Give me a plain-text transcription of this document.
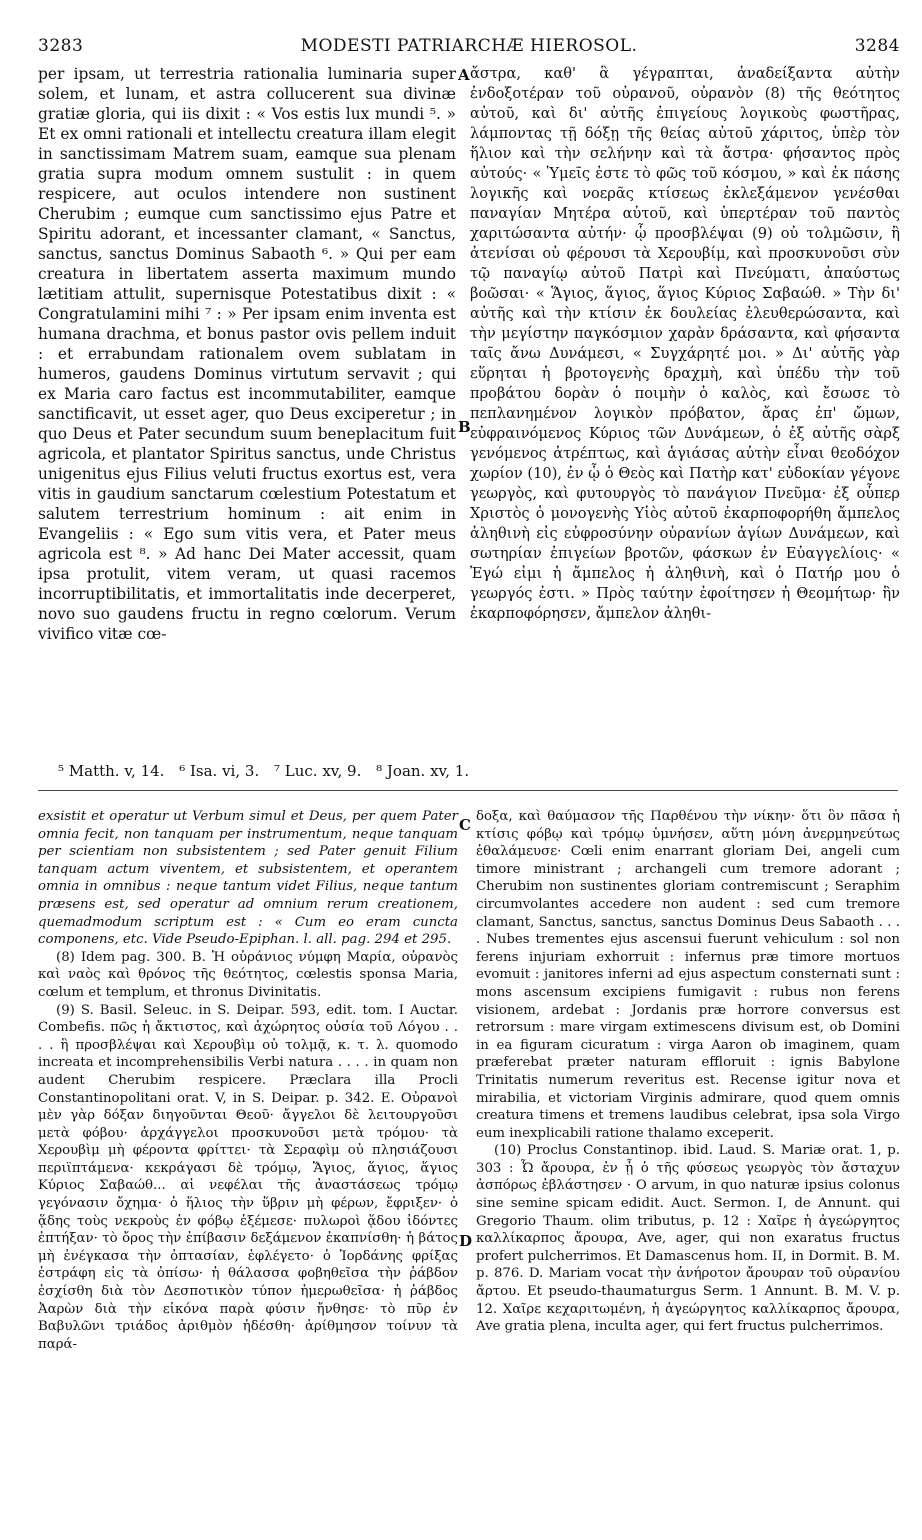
3283	MODESTI PATRIARCHÆ HIEROSOL.	3284

per ipsam, ut terrestria rationalia luminaria super solem, et lunam, et astra collucerent sua divinæ gratiæ gloria, qui iis dixit : « Vos estis lux mundi ⁵. » Et ex omni rationali et intellectu creatura illam elegit in sanctissimam Matrem suam, eamque sua plenam gratia supra modum omnem sustulit : in quem respicere, aut oculos intendere non sustinent Cherubim ; eumque cum sanctissimo ejus Patre et Spiritu adorant, et incessanter clamant, « Sanctus, sanctus, sanctus Dominus Sabaoth ⁶. » Qui per eam creatura in libertatem asserta maximum mundo lætitiam attulit, supernisque Potestatibus dixit : « Congratulamini mihi ⁷ : » Per ipsam enim inventa est humana drachma, et bonus pastor ovis pellem induit : et errabundam rationalem ovem sublatam in humeros, gaudens Dominus virtutum servavit ; qui ex Maria caro factus est incommutabiliter, eamque sanctificavit, ut esset ager, quo Deus exciperetur ; in quo Deus et Pater secundum suum beneplacitum fuit agricola, et plantator Spiritus sanctus, unde Christus unigenitus ejus Filius veluti fructus exortus est, vera vitis in gaudium sanctarum cœlestium Potestatum et salutem terrestrium hominum : ait enim in Evangeliis : « Ego sum vitis vera, et Pater meus agricola est ⁸. » Ad hanc Dei Mater accessit, quam ipsa protulit, vitem veram, ut quasi racemos incorruptibilitatis, et immortalitatis inde decerperet, novo suo gaudens fructu in regno cœlorum. Verum vivifico vitæ cœ-

ἄστρα, καθ' ἃ γέγραπται, ἀναδείξαντα αὐτὴν ἐνδοξοτέραν τοῦ οὐρανοῦ, οὐρανὸν (8) τῆς θεότητος αὐτοῦ, καὶ δι' αὐτῆς ἐπιγείους λογικοὺς φωστῆρας, λάμποντας τῇ δόξῃ τῆς θείας αὐτοῦ χάριτος, ὑπὲρ τὸν ἥλιον καὶ τὴν σελήνην καὶ τὰ ἄστρα· φήσαντος πρὸς αὐτούς· « Ὑμεῖς ἐστε τὸ φῶς τοῦ κόσμου, » καὶ ἐκ πάσης λογικῆς καὶ νοερᾶς κτίσεως ἐκλεξάμενον γενέσθαι παναγίαν Μητέρα αὐτοῦ, καὶ ὑπερτέραν τοῦ παντὸς χαριτώσαντα αὐτήν· ᾧ προσβλέψαι (9) οὐ τολμῶσιν, ἢ ἀτενίσαι οὐ φέρουσι τὰ Χερουβίμ, καὶ προσκυνοῦσι σὺν τῷ παναγίῳ αὐτοῦ Πατρὶ καὶ Πνεύματι, ἀπαύστως βοῶσαι· « Ἅγιος, ἅγιος, ἅγιος Κύριος Σαβαώθ. » Τὴν δι' αὐτῆς καὶ τὴν κτίσιν ἐκ δουλείας ἐλευθερώσαντα, καὶ τὴν μεγίστην παγκόσμιον χαρὰν δράσαντα, καὶ φήσαντα ταῖς ἄνω Δυνάμεσι, « Συγχάρητέ μοι. » Δι' αὐτῆς γὰρ εὕρηται ἡ βροτογενὴς δραχμὴ, καὶ ὑπέδυ τὴν τοῦ προβάτου δορὰν ὁ ποιμὴν ὁ καλὸς, καὶ ἔσωσε τὸ πεπλανημένον λογικὸν πρόβατον, ἄρας ἐπ' ὤμων, εὐφραινόμενος Κύριος τῶν Δυνάμεων, ὁ ἐξ αὐτῆς σὰρξ γενόμενος ἀτρέπτως, καὶ ἁγιάσας αὐτὴν εἶναι θεοδόχον χωρίον (10), ἐν ᾧ ὁ Θεὸς καὶ Πατὴρ κατ' εὐδοκίαν γέγονε γεωργὸς, καὶ φυτουργὸς τὸ πανάγιον Πνεῦμα· ἐξ οὗπερ Χριστὸς ὁ μονογενὴς Υἱὸς αὐτοῦ ἐκαρποφορήθη ἄμπελος ἀληθινὴ εἰς εὐφροσύνην οὐρανίων ἁγίων Δυνάμεων, καὶ σωτηρίαν ἐπιγείων βροτῶν, φάσκων ἐν Εὐαγγελίοις· « Ἐγώ εἰμι ἡ ἄμπελος ἡ ἀληθινὴ, καὶ ὁ Πατήρ μου ὁ γεωργός ἐστι. » Πρὸς ταύτην ἐφοίτησεν ἡ Θεομήτωρ· ἣν ἐκαρποφόρησεν, ἄμπελον ἀληθι-

A
B
C
D
⁵ Matth. v, 14. ⁶ Isa. vi, 3. ⁷ Luc. xv, 9. ⁸ Joan. xv, 1.

exsistit et operatur ut Verbum simul et Deus, per quem Pater omnia fecit, non tanquam per instrumentum, neque tanquam per scientiam non subsistentem ; sed Pater genuit Filium tanquam actum viventem, et subsistentem, et operantem omnia in omnibus : neque tantum videt Filius, neque tantum præsens est, sed operatur ad omnium rerum creationem, quemadmodum scriptum est : « Cum eo eram cuncta componens, etc. Vide Pseudo-Epiphan. l. all. pag. 294 et 295.

(8) Idem pag. 300. B. Ἡ οὐράνιος νύμφη Μαρία, οὐρανὸς καὶ ναὸς καὶ θρόνος τῆς θεότητος, cœlestis sponsa Maria, cœlum et templum, et thronus Divinitatis.

(9) S. Basil. Seleuc. in S. Deipar. 593, edit. tom. I Auctar. Combefis. πῶς ἡ ἄκτιστος, καὶ ἀχώρητος οὐσία τοῦ Λόγου . . . . ἣ προσβλέψαι καὶ Χερουβὶμ οὐ τολμᾷ, κ. τ. λ. quomodo increata et incomprehensibilis Verbi natura . . . . in quam non audent Cherubim respicere. Præclara illa Procli Constantinopolitani orat. V, in S. Deipar. p. 342. E. Οὐρανοὶ μὲν γὰρ δόξαν διηγοῦνται Θεοῦ· ἄγγελοι δὲ λειτουργοῦσι μετὰ φόβου· ἀρχάγγελοι προσκυνοῦσι μετὰ τρόμου· τὰ Χερουβὶμ μὴ φέροντα φρίττει· τὰ Σεραφὶμ οὐ πλησιάζουσι περιϊπτάμενα· κεκράγασι δὲ τρόμῳ, Ἅγιος, ἅγιος, ἅγιος Κύριος Σαβαώθ... αἱ νεφέλαι τῆς ἀναστάσεως τρόμῳ γεγόνασιν ὄχημα· ὁ ἥλιος τὴν ὕβριν μὴ φέρων, ἔφριξεν· ὁ ᾅδης τοὺς νεκροὺς ἐν φόβῳ ἐξέμεσε· πυλωροὶ ᾅδου ἰδόντες ἐπτήξαν· τὸ ὄρος τὴν ἐπίβασιν δεξάμενον ἐκαπνίσθη· ἡ βάτος μὴ ἐνέγκασα τὴν ὀπτασίαν, ἐφλέγετο· ὁ Ἰορδάνης φρίξας ἐστράφη εἰς τὰ ὀπίσω· ἡ θάλασσα φοβηθεῖσα τὴν ῥάβδον ἐσχίσθη διὰ τὸν Δεσποτικὸν τύπον ἡμερωθεῖσα· ἡ ῥάβδος Ἀαρὼν διὰ τὴν εἰκόνα παρὰ φύσιν ἤνθησε· τὸ πῦρ ἐν Βαβυλῶνι τριάδος ἀριθμὸν ἠδέσθη· ἀρίθμησον τοίνυν τὰ παρά-

δοξα, καὶ θαύμασον τῆς Παρθένου τὴν νίκην· ὅτι ὃν πᾶσα ἡ κτίσις φόβῳ καὶ τρόμῳ ὑμνήσεν, αὕτη μόνη ἀνερμηνεύτως ἐθαλάμευσε· Cœli enim enarrant gloriam Dei, angeli cum timore ministrant ; archangeli cum tremore adorant ; Cherubim non sustinentes gloriam contremiscunt ; Seraphim circumvolantes accedere non audent : sed cum tremore clamant, Sanctus, sanctus, sanctus Dominus Deus Sabaoth . . . . Nubes trementes ejus ascensui fuerunt vehiculum : sol non ferens injuriam exhorruit : infernus præ timore mortuos evomuit : janitores inferni ad ejus aspectum consternati sunt : mons ascensum excipiens fumigavit : rubus non ferens visionem, ardebat : Jordanis præ horrore conversus est retrorsum : mare virgam extimescens divisum est, ob Domini in ea figuram cicuratum : virga Aaron ob imaginem, quam præferebat præter naturam efflоruit : ignis Babylone Trinitatis numerum reveritus est. Recense igitur nova et mirabilia, et victoriam Virginis admirare, quod quem omnis creatura timens et tremens laudibus celebrat, ipsa sola Virgo eum inexplicabili ratione thalamo exceperit.

(10) Proclus Constantinop. ibid. Laud. S. Mariæ orat. 1, p. 303 : Ὦ ἄρουρα, ἐν ᾗ ὁ τῆς φύσεως γεωργὸς τὸν ἄσταχυν ἀσπόρως ἐβλάστησεν · O arvum, in quo naturæ ipsius colonus sine semine spicam edidit. Auct. Sermon. I, de Annunt. qui Gregorio Thaum. olim tributus, p. 12 : Χαῖρε ἡ ἀγεώργητος καλλίκαρπος ἄρουρα, Ave, ager, qui non exaratus fructus profert pulcherrimos. Et Damascenus hom. II, in Dormit. B. M. p. 876. D. Mariam vocat τὴν ἀνήροτον ἄρουραν τοῦ οὐρανίου ἄρτου. Et pseudo-thaumaturgus Serm. 1 Annunt. B. M. V. p. 12. Χαῖρε κεχαριτωμένη, ἡ ἀγεώργητος καλλίκαρπος ἄρουρα, Ave gratia plena, inculta ager, qui fert fructus pulcherrimos.
